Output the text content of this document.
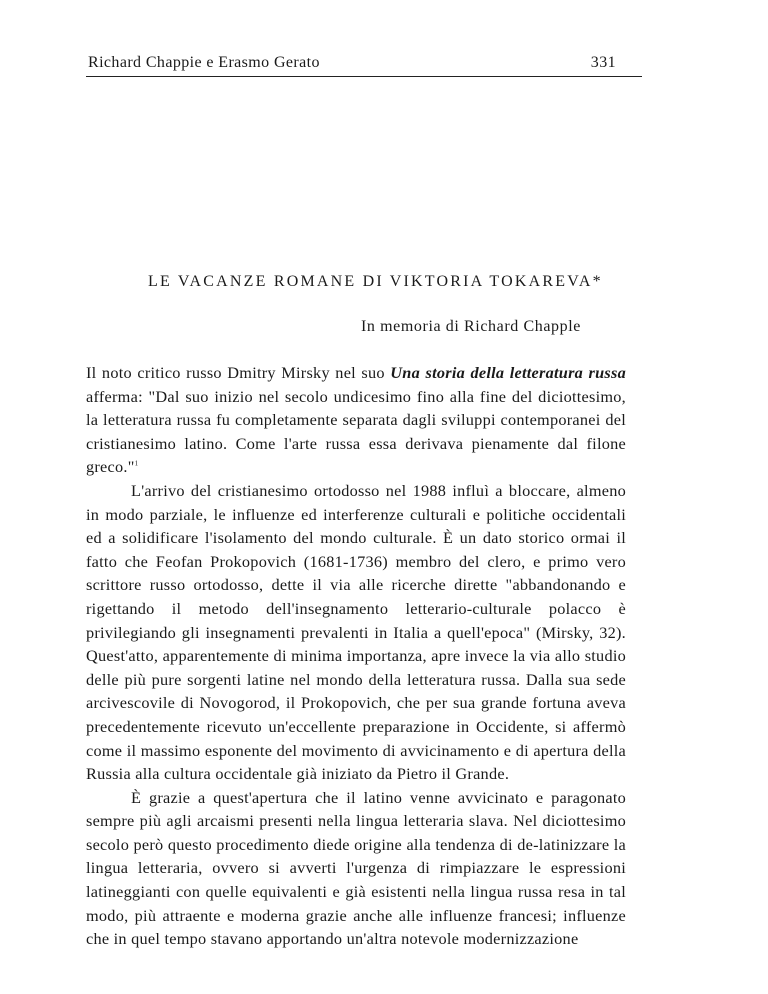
Richard Chappie e Erasmo Gerato	331
LE VACANZE ROMANE DI VIKTORIA TOKAREVA*
In memoria di Richard Chapple

Il noto critico russo Dmitry Mirsky nel suo Una storia della letteratura russa afferma: "Dal suo inizio nel secolo undicesimo fino alla fine del diciottesimo, la letteratura russa fu completamente separata dagli sviluppi contemporanei del cristianesimo latino. Come l'arte russa essa derivava pienamente dal filone greco."$^1$

L'arrivo del cristianesimo ortodosso nel 1988 influì a bloccare, almeno in modo parziale, le influenze ed interferenze culturali e politiche occidentali ed a solidificare l'isolamento del mondo culturale. È un dato storico ormai il fatto che Feofan Prokopovich (1681-1736) membro del clero, e primo vero scrittore russo ortodosso, dette il via alle ricerche dirette "abbandonando e rigettando il metodo dell'insegnamento letterario-culturale polacco è privilegiando gli insegnamenti prevalenti in Italia a quell'epoca" (Mirsky, 32). Quest'atto, apparentemente di minima importanza, apre invece la via allo studio delle più pure sorgenti latine nel mondo della letteratura russa. Dalla sua sede arcivescovile di Novogorod, il Prokopovich, che per sua grande fortuna aveva precedentemente ricevuto un'eccellente preparazione in Occidente, si affermò come il massimo esponente del movimento di avvicinamento e di apertura della Russia alla cultura occidentale già iniziato da Pietro il Grande.

È grazie a quest'apertura che il latino venne avvicinato e paragonato sempre più agli arcaismi presenti nella lingua letteraria slava. Nel diciottesimo secolo però questo procedimento diede origine alla tendenza di de-latinizzare la lingua letteraria, ovvero si avverti l'urgenza di rimpiazzare le espressioni latineggianti con quelle equivalenti e già esistenti nella lingua russa resa in tal modo, più attraente e moderna grazie anche alle influenze francesi; influenze che in quel tempo stavano apportando un'altra notevole modernizzazione
